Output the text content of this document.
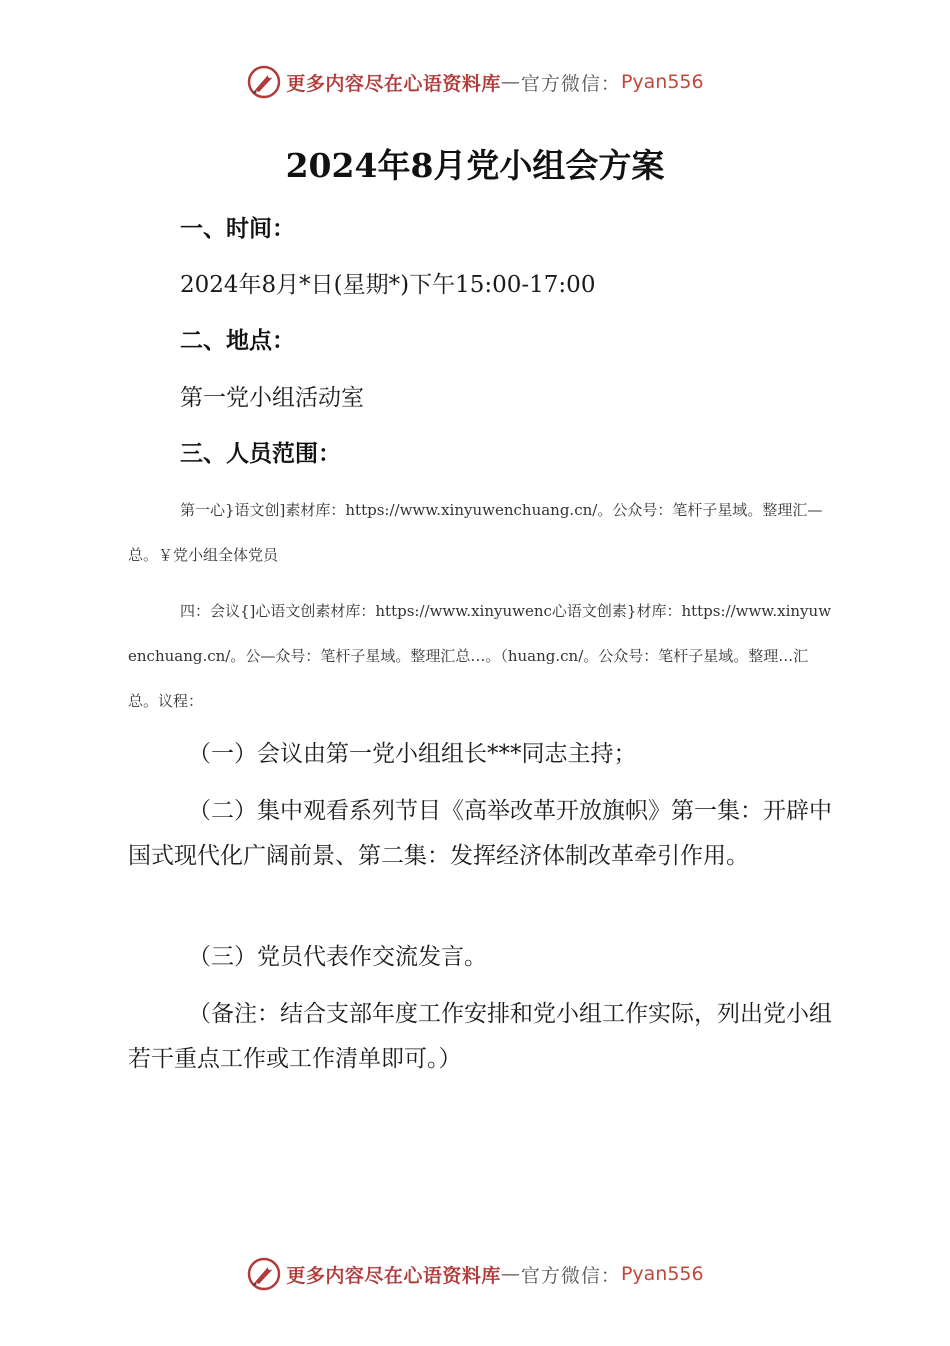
更多内容尽在心语资料库 — 官方微信： Pyan556
2024年8月党小组会方案
一、时间：
2024年8月*日(星期*)下午15:00-17:00
二、地点：
第一党小组活动室
三、人员范围：

第一心}语文创]素材库：https://www.xinyuwenchuang.cn/。公众号：笔杆子星域。整理汇—总。￥党小组全体党员

四：会议{]心语文创素材库：https://www.xinyuwenc心语文创素}材库：https://www.xinyuwenchuang.cn/。公—众号：笔杆子星域。整理汇总…。（huang.cn/。公众号：笔杆子星域。整理…汇总。议程：

（一）会议由第一党小组组长***同志主持；

（二）集中观看系列节目《高举改革开放旗帜》第一集：开辟中国式现代化广阔前景、第二集：发挥经济体制改革牵引作用。

（三）党员代表作交流发言。

（备注：结合支部年度工作安排和党小组工作实际，列出党小组若干重点工作或工作清单即可。）

更多内容尽在心语资料库 — 官方微信： Pyan556
